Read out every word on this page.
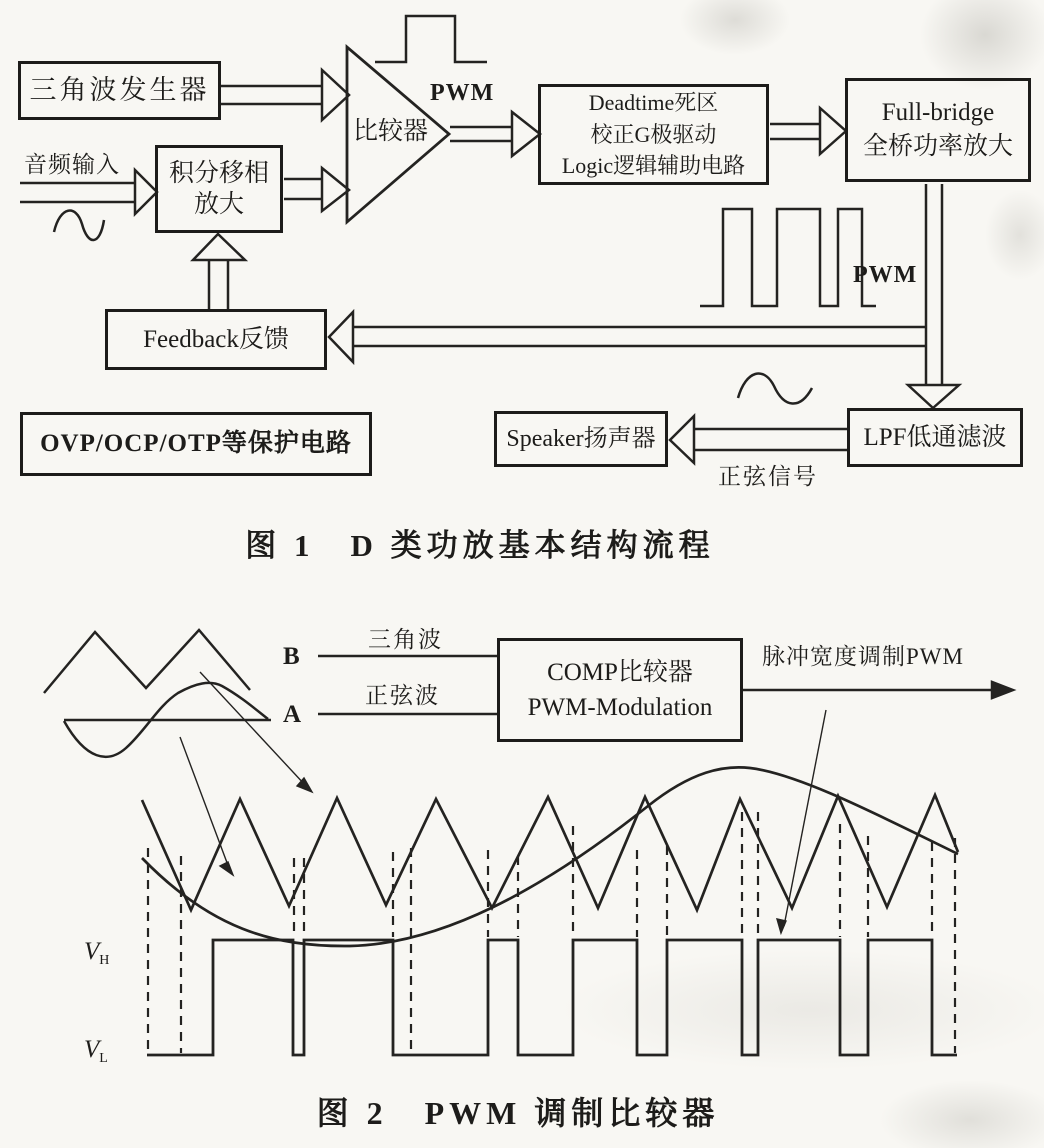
三角波发生器
积分移相
放大
音频输入
比较器
PWM	Deadtime死区
校正G极驱动
Logic逻辑辅助电路
Full-bridge
全桥功率放大
PWM
Feedback反馈
OVP/OCP/OTP等保护电路	Speaker扬声器	LPF低通滤波
正弦信号
图 1　D 类功放基本结构流程
B
A
三角波
正弦波
COMP比较器
PWM-Modulation
脉冲宽度调制PWM
$V_H$
$V_L$
图 2　PWM 调制比较器
